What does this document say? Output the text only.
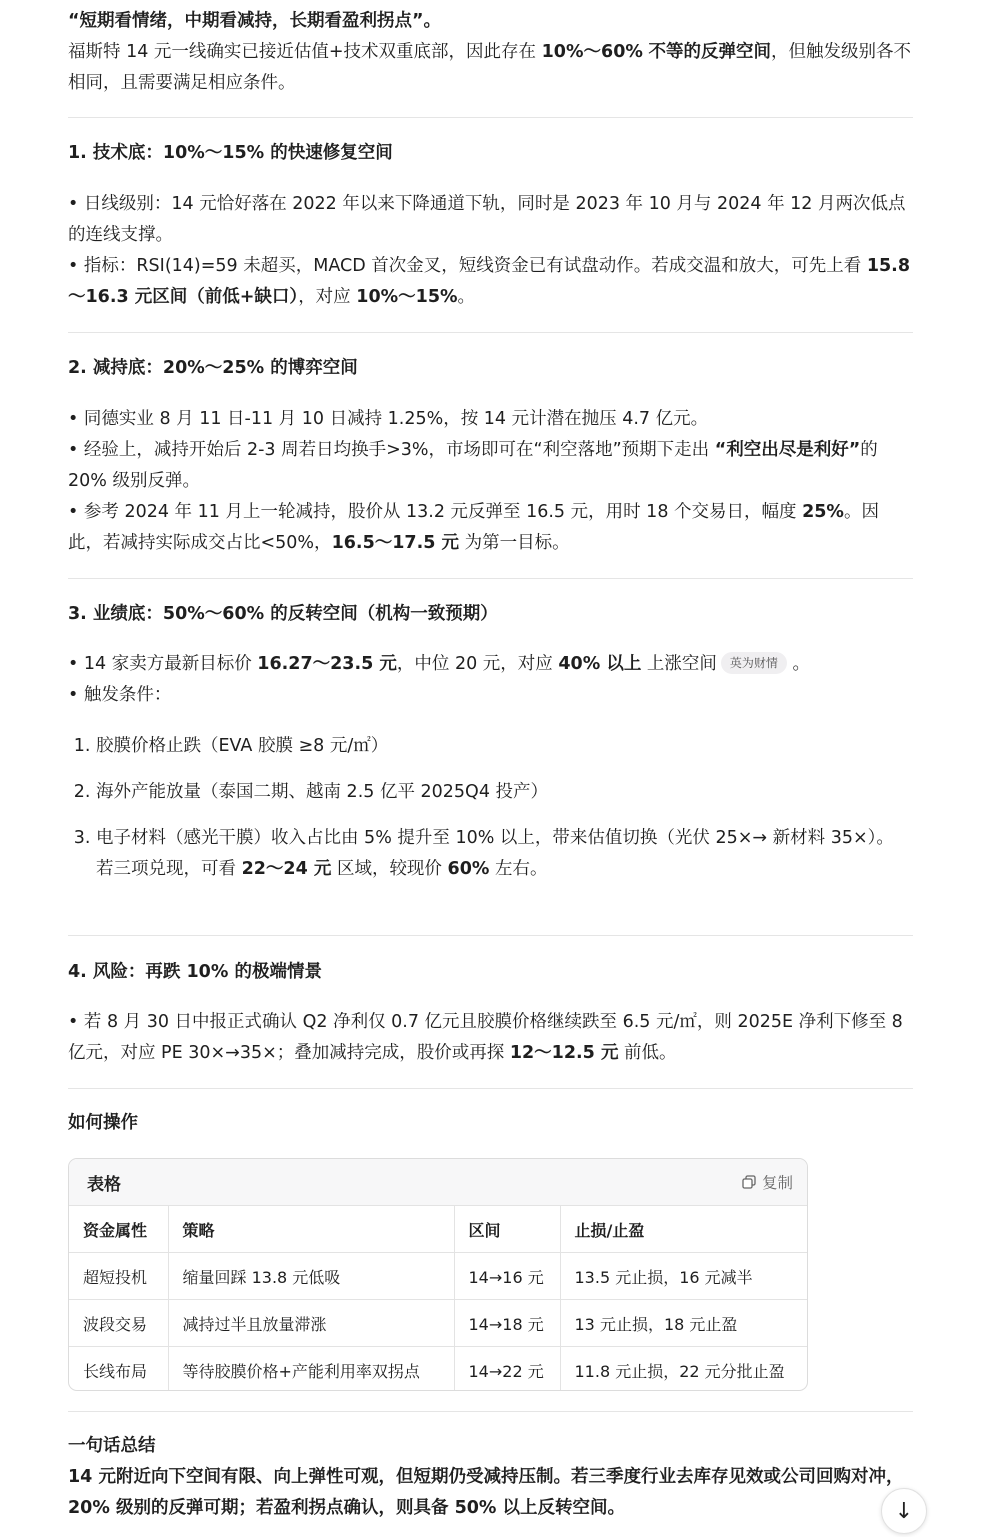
“短期看情绪，中期看减持，长期看盈利拐点”。

福斯特 14 元一线确实已接近估值+技术双重底部，因此存在 10%～60% 不等的反弹空间，但触发级别各不相同，且需要满足相应条件。

1. 技术底：10%～15% 的快速修复空间

• 日线级别：14 元恰好落在 2022 年以来下降通道下轨，同时是 2023 年 10 月与 2024 年 12 月两次低点的连线支撑。

• 指标：RSI(14)=59 未超买，MACD 首次金叉，短线资金已有试盘动作。若成交温和放大，可先上看 15.8～16.3 元区间（前低+缺口），对应 10%～15%。

2. 减持底：20%～25% 的博弈空间

• 同德实业 8 月 11 日-11 月 10 日减持 1.25%，按 14 元计潜在抛压 4.7 亿元。

• 经验上，减持开始后 2-3 周若日均换手>3%，市场即可在“利空落地”预期下走出 “利空出尽是利好”的 20% 级别反弹。

• 参考 2024 年 11 月上一轮减持，股价从 13.2 元反弹至 16.5 元，用时 18 个交易日，幅度 25%。因此，若减持实际成交占比<50%，16.5～17.5 元 为第一目标。

3. 业绩底：50%～60% 的反转空间（机构一致预期）

• 14 家卖方最新目标价 16.27～23.5 元，中位 20 元，对应 40% 以上 上涨空间 英为财情 。

• 触发条件：

1. 胶膜价格止跌（EVA 胶膜 ≥8 元/㎡）
2. 海外产能放量（泰国二期、越南 2.5 亿平 2025Q4 投产）
3. 电子材料（感光干膜）收入占比由 5% 提升至 10% 以上，带来估值切换（光伏 25×→ 新材料 35×）。
若三项兑现，可看 22～24 元 区域，较现价 60% 左右。
4. 风险：再跌 10% 的极端情景

• 若 8 月 30 日中报正式确认 Q2 净利仅 0.7 亿元且胶膜价格继续跌至 6.5 元/㎡，则 2025E 净利下修至 8 亿元，对应 PE 30×→35×；叠加减持完成，股价或再探 12～12.5 元 前低。

如何操作
一句话总结

14 元附近向下空间有限、向上弹性可观，但短期仍受减持压制。若三季度行业去库存见效或公司回购对冲，20% 级别的反弹可期；若盈利拐点确认，则具备 50% 以上反转空间。

表格	复制
资金属性	策略	区间	止损/止盈
超短投机	缩量回踩 13.8 元低吸	14→16 元	13.5 元止损，16 元减半
波段交易	减持过半且放量滞涨	14→18 元	13 元止损，18 元止盈
长线布局	等待胶膜价格+产能利用率双拐点	14→22 元	11.8 元止损，22 元分批止盈
↓
